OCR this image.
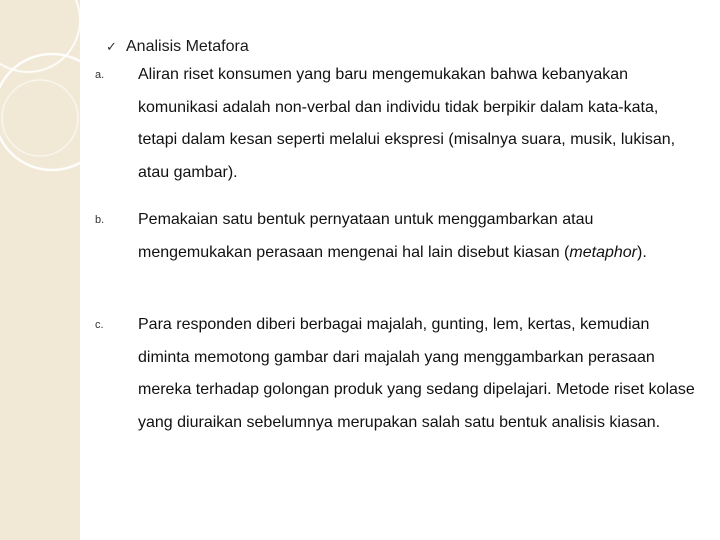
✓ Analisis Metafora
a. Aliran riset konsumen yang baru mengemukakan bahwa kebanyakan komunikasi adalah non-verbal dan individu tidak berpikir dalam kata-kata, tetapi dalam kesan seperti melalui ekspresi (misalnya suara, musik, lukisan, atau gambar).
b. Pemakaian satu bentuk pernyataan untuk menggambarkan atau mengemukakan perasaan mengenai hal lain disebut kiasan (metaphor).
c. Para responden diberi berbagai majalah, gunting, lem, kertas, kemudian diminta memotong gambar dari majalah yang menggambarkan perasaan mereka terhadap golongan produk yang sedang dipelajari. Metode riset kolase yang diuraikan sebelumnya merupakan salah satu bentuk analisis kiasan.
